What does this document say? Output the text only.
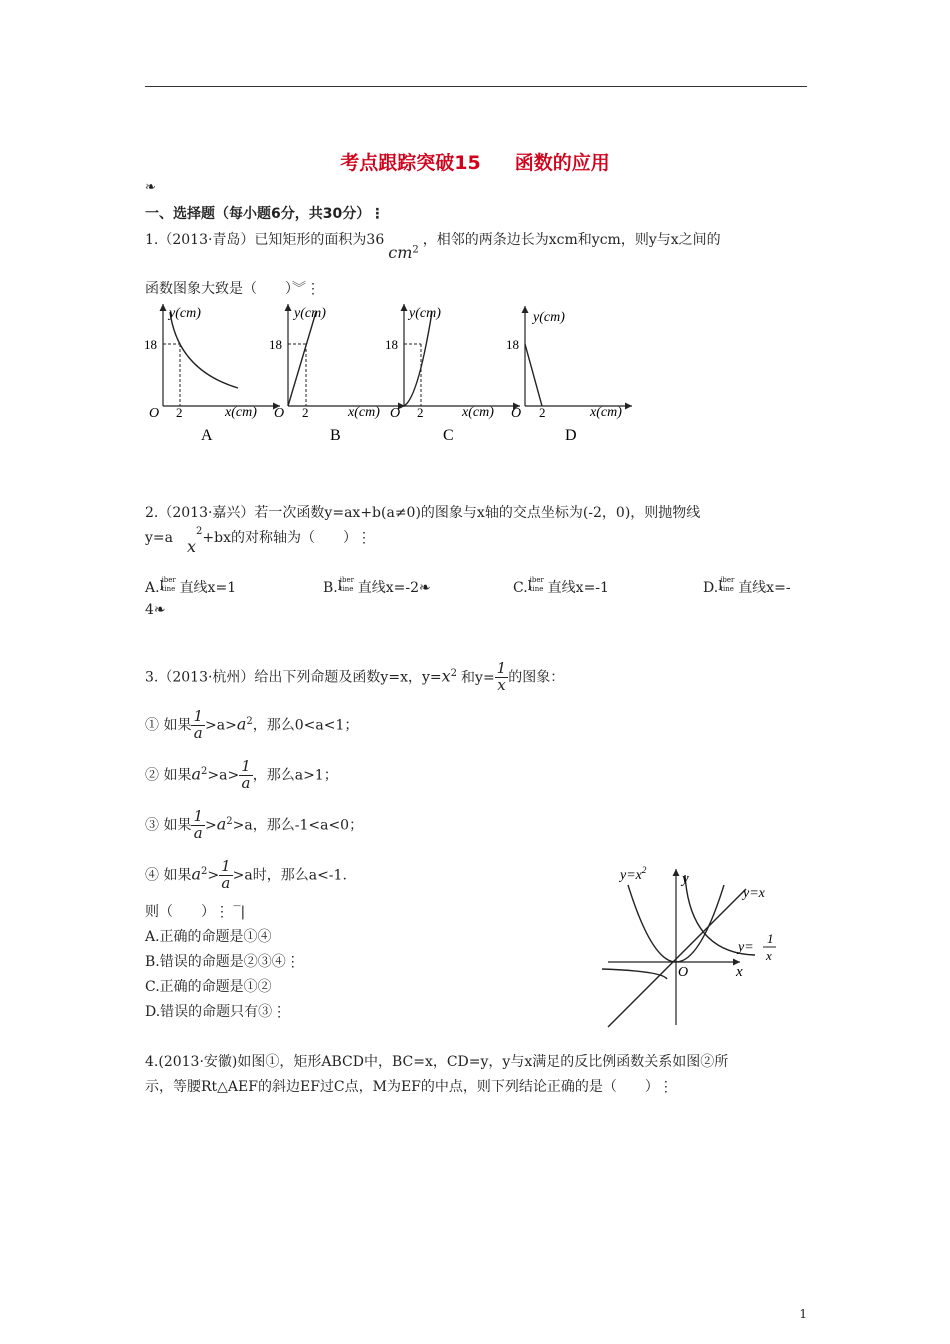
考点跟踪突破15 函数的应用
❧
一、选择题（每小题6分，共30分）⋮
1.（2013·青岛）已知矩形的面积为$36cm^2$，相邻的两条边长为xcm和ycm，则y与x之间的
函数图象大致是（　　）︾⋮
y(cm)
18
O 2	x(cm)
A
y(cm)
18
O 2	x(cm)
B
y(cm)
18
O 2	x(cm)
C
y(cm)
18
O 2	x(cm)
D
2.（2013·嘉兴）若一次函数y=ax+b(a≠0)的图象与x轴的交点坐标为(-2，0)，则抛物线
y=a $x^2+bx$的对称轴为（　　）⋮
A. iber
tine
l 直线x=1	B. iber
tine
l 直线x=-2❧	C. iber
tine
l 直线x=-1	D. iber
tine
l 直线x=-
4❧
3.（2013·杭州）给出下列命题及函数y=x，$y=x^2$ 和$y= \frac{1}{x}$ 的图象：
① 如果 $\frac{1}{a} >a>a^2$，那么0<a<1；
② 如果$a^2>a> \frac{1}{a}$ ，那么a>1；
③ 如果 $\frac{1}{a} >a^2>a$，那么-1<a<0；
④ 如果$a^2> \frac{1}{a} >a$时，那么a<-1.
则（　　）⋮ ‾|
A.正确的命题是①④
B.错误的命题是②③④⋮
C.正确的命题是①②
D.错误的命题只有③⋮
$y=x^2$
y
y=x
y=
1
x
O	x
4.(2013·安徽)如图①，矩形ABCD中，BC=x，CD=y，y与x满足的反比例函数关系如图②所
示，等腰Rt△AEF的斜边EF过C点，M为EF的中点，则下列结论正确的是（　　）⋮
1
